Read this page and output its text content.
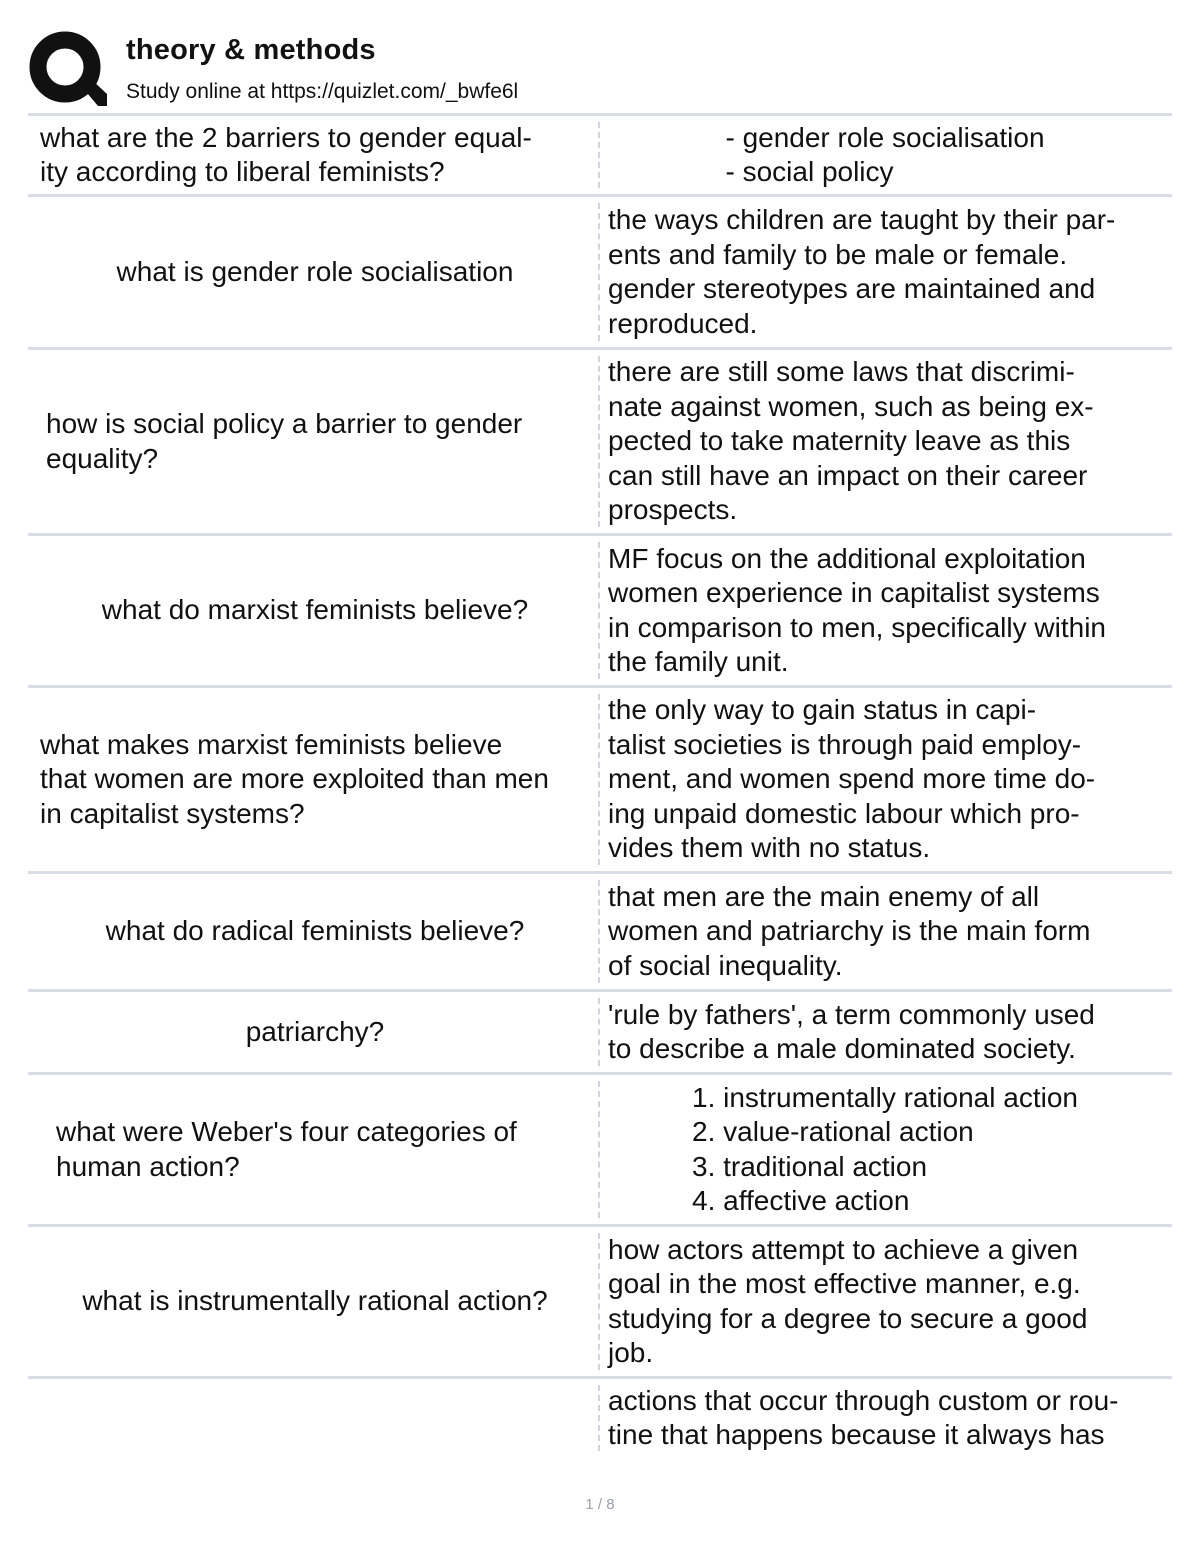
theory & methods
Study online at https://quizlet.com/_bwfe6l
what are the 2 barriers to gender equal-
ity according to liberal feminists?
- gender role socialisation
- social policy
what is gender role socialisation
the ways children are taught by their par-
ents and family to be male or female.
gender stereotypes are maintained and
reproduced.
how is social policy a barrier to gender
equality?
there are still some laws that discrimi-
nate against women, such as being ex-
pected to take maternity leave as this
can still have an impact on their career
prospects.
what do marxist feminists believe?
MF focus on the additional exploitation
women experience in capitalist systems
in comparison to men, specifically within
the family unit.
what makes marxist feminists believe
that women are more exploited than men
in capitalist systems?
the only way to gain status in capi-
talist societies is through paid employ-
ment, and women spend more time do-
ing unpaid domestic labour which pro-
vides them with no status.
what do radical feminists believe?
that men are the main enemy of all
women and patriarchy is the main form
of social inequality.
patriarchy?
'rule by fathers', a term commonly used
to describe a male dominated society.
what were Weber's four categories of
human action?
1. instrumentally rational action
2. value-rational action
3. traditional action
4. affective action
what is instrumentally rational action?
how actors attempt to achieve a given
goal in the most effective manner, e.g.
studying for a degree to secure a good
job.
actions that occur through custom or rou-
tine that happens because it always has
1 / 8
